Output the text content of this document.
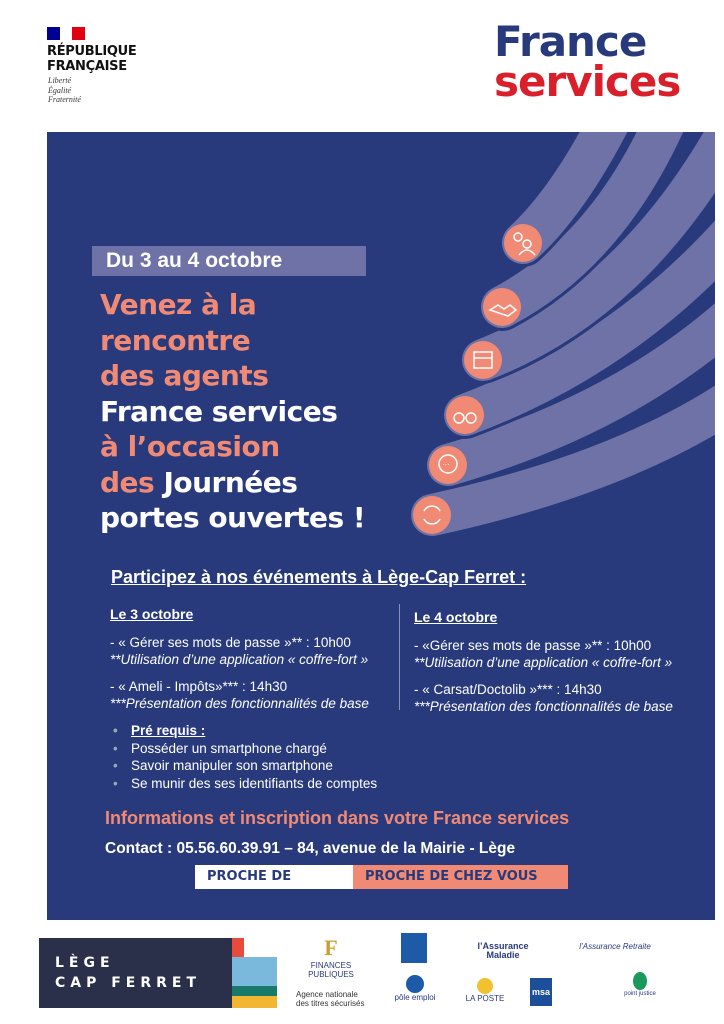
RÉPUBLIQUE
FRANÇAISE
Liberté
Égalité
Fraternité
France
services
···
Du 3 au 4 octobre
Venez à la
rencontre
des agents
France services
à l’occasion
des Journées
portes ouvertes !
Participez à nos événements à Lège-Cap Ferret :
Le 3 octobre
- « Gérer ses mots de passe »** : 10h00
**Utilisation d’une application « coffre-fort »
- « Ameli - Impôts»*** : 14h30
***Présentation des fonctionnalités de base
Le 4 octobre
- «Gérer ses mots de passe »** : 10h00
**Utilisation d’une application « coffre-fort »
- « Carsat/Doctolib »*** : 14h30
***Présentation des fonctionnalités de base
• Pré requis :
• Posséder un smartphone chargé
• Savoir manipuler son smartphone
• Se munir des ses identifiants de comptes
Informations et inscription dans votre France services
Contact : 05.56.60.39.91 – 84, avenue de la Mairie - Lège
PROCHE DE VOUS,
PROCHE DE CHEZ VOUS
LÈGE
CAP FERRET
F
FINANCES PUBLIQUES
Agence nationale des titres sécurisés
pôle emploi
l’Assurance Maladie
LA POSTE
l’Assurance Retraite
msa	point justice
